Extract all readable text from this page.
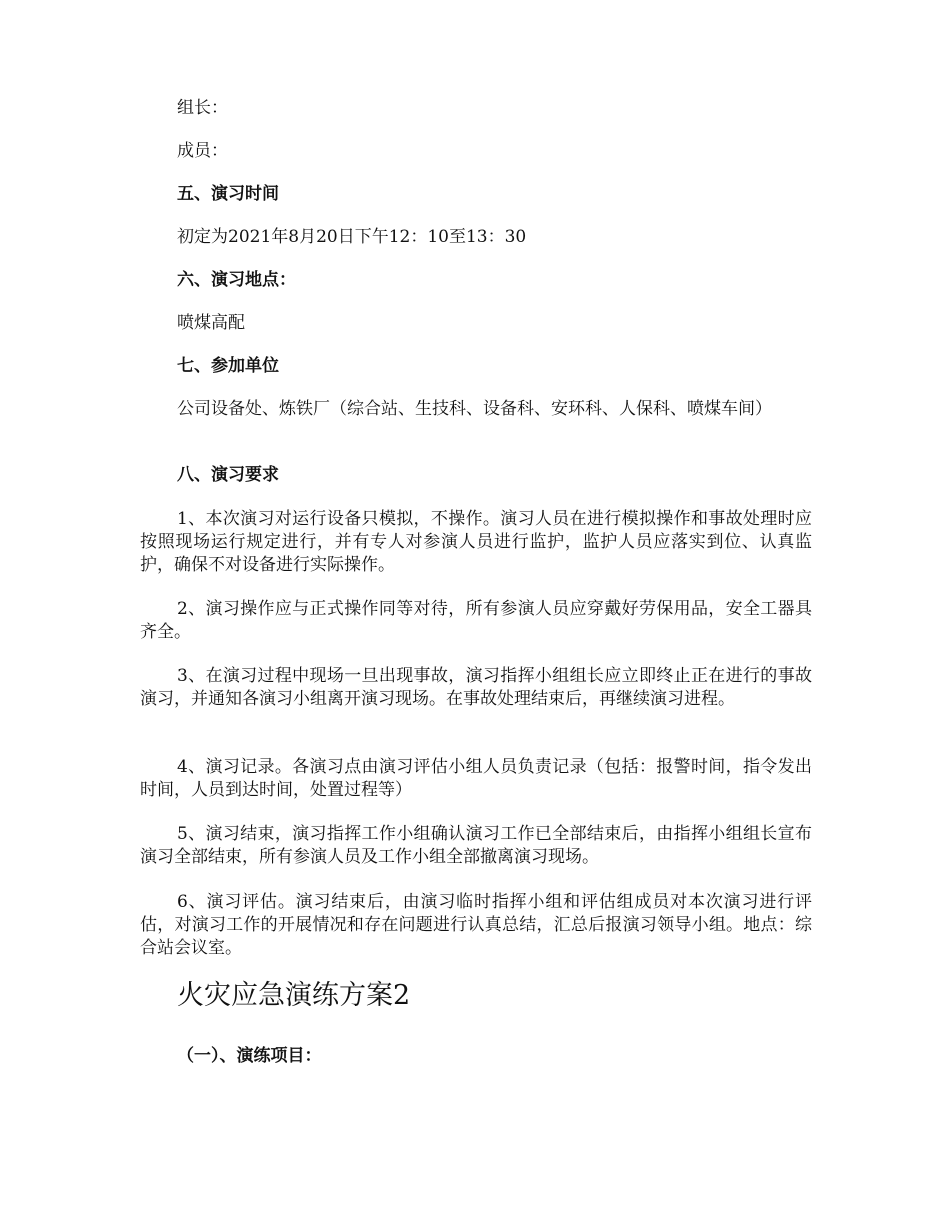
组长：

成员：

五、演习时间

初定为2021年8月20日下午12：10至13：30

六、演习地点：

喷煤高配

七、参加单位

公司设备处、炼铁厂（综合站、生技科、设备科、安环科、人保科、喷煤车间）

八、演习要求

1、本次演习对运行设备只模拟，不操作。演习人员在进行模拟操作和事故处理时应按照现场运行规定进行，并有专人对参演人员进行监护，监护人员应落实到位、认真监护，确保不对设备进行实际操作。

2、演习操作应与正式操作同等对待，所有参演人员应穿戴好劳保用品，安全工器具齐全。

3、在演习过程中现场一旦出现事故，演习指挥小组组长应立即终止正在进行的事故演习，并通知各演习小组离开演习现场。在事故处理结束后，再继续演习进程。

4、演习记录。各演习点由演习评估小组人员负责记录（包括：报警时间，指令发出时间，人员到达时间，处置过程等）

5、演习结束，演习指挥工作小组确认演习工作已全部结束后，由指挥小组组长宣布演习全部结束，所有参演人员及工作小组全部撤离演习现场。

6、演习评估。演习结束后，由演习临时指挥小组和评估组成员对本次演习进行评估，对演习工作的开展情况和存在问题进行认真总结，汇总后报演习领导小组。地点：综合站会议室。

火灾应急演练方案2

（一）、演练项目：
